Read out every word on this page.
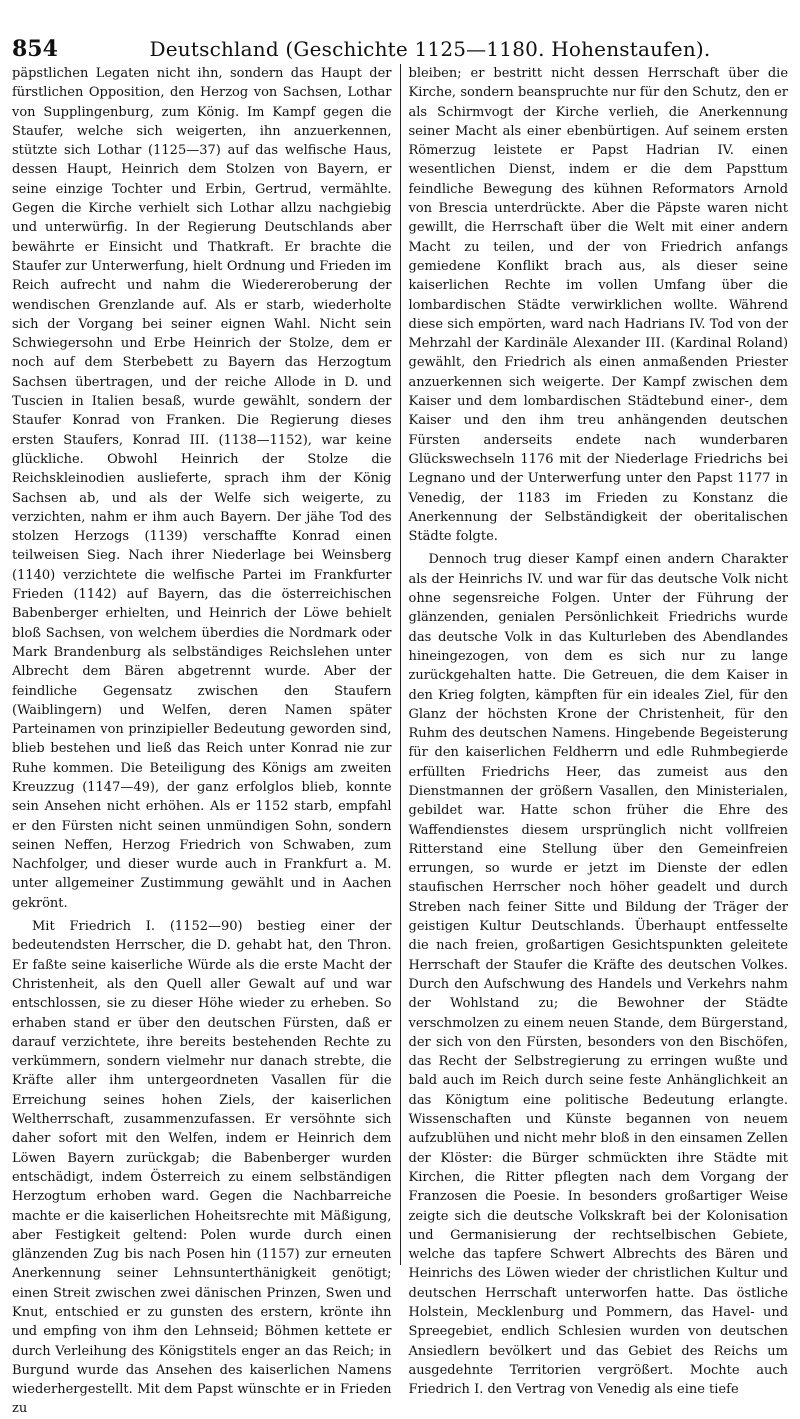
854	Deutschland (Geschichte 1125—1180. Hohenstaufen).

päpstlichen Legaten nicht ihn, sondern das Haupt der fürstlichen Opposition, den Herzog von Sachsen, Lothar von Supplingenburg, zum König. Im Kampf gegen die Staufer, welche sich weigerten, ihn anzuerkennen, stützte sich Lothar (1125—37) auf das welfische Haus, dessen Haupt, Heinrich dem Stolzen von Bayern, er seine einzige Tochter und Erbin, Gertrud, vermählte. Gegen die Kirche verhielt sich Lothar allzu nachgiebig und unterwürfig. In der Regierung Deutschlands aber bewährte er Einsicht und Thatkraft. Er brachte die Staufer zur Unterwerfung, hielt Ordnung und Frieden im Reich aufrecht und nahm die Wiedereroberung der wendischen Grenzlande auf. Als er starb, wiederholte sich der Vorgang bei seiner eignen Wahl. Nicht sein Schwiegersohn und Erbe Heinrich der Stolze, dem er noch auf dem Sterbebett zu Bayern das Herzogtum Sachsen übertragen, und der reiche Allode in D. und Tuscien in Italien besaß, wurde gewählt, sondern der Staufer Konrad von Franken. Die Regierung dieses ersten Staufers, Konrad III. (1138—1152), war keine glückliche. Obwohl Heinrich der Stolze die Reichskleinodien auslieferte, sprach ihm der König Sachsen ab, und als der Welfe sich weigerte, zu verzichten, nahm er ihm auch Bayern. Der jähe Tod des stolzen Herzogs (1139) verschaffte Konrad einen teilweisen Sieg. Nach ihrer Niederlage bei Weinsberg (1140) verzichtete die welfische Partei im Frankfurter Frieden (1142) auf Bayern, das die österreichischen Babenberger erhielten, und Heinrich der Löwe behielt bloß Sachsen, von welchem überdies die Nordmark oder Mark Brandenburg als selbständiges Reichslehen unter Albrecht dem Bären abgetrennt wurde. Aber der feindliche Gegensatz zwischen den Staufern (Waiblingern) und Welfen, deren Namen später Parteinamen von prinzipieller Bedeutung geworden sind, blieb bestehen und ließ das Reich unter Konrad nie zur Ruhe kommen. Die Beteiligung des Königs am zweiten Kreuzzug (1147—49), der ganz erfolglos blieb, konnte sein Ansehen nicht erhöhen. Als er 1152 starb, empfahl er den Fürsten nicht seinen unmündigen Sohn, sondern seinen Neffen, Herzog Friedrich von Schwaben, zum Nachfolger, und dieser wurde auch in Frankfurt a. M. unter allgemeiner Zustimmung gewählt und in Aachen gekrönt.

Mit Friedrich I. (1152—90) bestieg einer der bedeutendsten Herrscher, die D. gehabt hat, den Thron. Er faßte seine kaiserliche Würde als die erste Macht der Christenheit, als den Quell aller Gewalt auf und war entschlossen, sie zu dieser Höhe wieder zu erheben. So erhaben stand er über den deutschen Fürsten, daß er darauf verzichtete, ihre bereits bestehenden Rechte zu verkümmern, sondern vielmehr nur danach strebte, die Kräfte aller ihm untergeordneten Vasallen für die Erreichung seines hohen Ziels, der kaiserlichen Weltherrschaft, zusammenzufassen. Er versöhnte sich daher sofort mit den Welfen, indem er Heinrich dem Löwen Bayern zurückgab; die Babenberger wurden entschädigt, indem Österreich zu einem selbständigen Herzogtum erhoben ward. Gegen die Nachbarreiche machte er die kaiserlichen Hoheitsrechte mit Mäßigung, aber Festigkeit geltend: Polen wurde durch einen glänzenden Zug bis nach Posen hin (1157) zur erneuten Anerkennung seiner Lehnsunterthänigkeit genötigt; einen Streit zwischen zwei dänischen Prinzen, Swen und Knut, entschied er zu gunsten des erstern, krönte ihn und empfing von ihm den Lehnseid; Böhmen kettete er durch Verleihung des Königstitels enger an das Reich; in Burgund wurde das Ansehen des kaiserlichen Namens wiederhergestellt. Mit dem Papst wünschte er in Frieden zu

bleiben; er bestritt nicht dessen Herrschaft über die Kirche, sondern beanspruchte nur für den Schutz, den er als Schirmvogt der Kirche verlieh, die Anerkennung seiner Macht als einer ebenbürtigen. Auf seinem ersten Römerzug leistete er Papst Hadrian IV. einen wesentlichen Dienst, indem er die dem Papsttum feindliche Bewegung des kühnen Reformators Arnold von Brescia unterdrückte. Aber die Päpste waren nicht gewillt, die Herrschaft über die Welt mit einer andern Macht zu teilen, und der von Friedrich anfangs gemiedene Konflikt brach aus, als dieser seine kaiserlichen Rechte im vollen Umfang über die lombardischen Städte verwirklichen wollte. Während diese sich empörten, ward nach Hadrians IV. Tod von der Mehrzahl der Kardinäle Alexander III. (Kardinal Roland) gewählt, den Friedrich als einen anmaßenden Priester anzuerkennen sich weigerte. Der Kampf zwischen dem Kaiser und dem lombardischen Städtebund einer-, dem Kaiser und den ihm treu anhängenden deutschen Fürsten anderseits endete nach wunderbaren Glückswechseln 1176 mit der Niederlage Friedrichs bei Legnano und der Unterwerfung unter den Papst 1177 in Venedig, der 1183 im Frieden zu Konstanz die Anerkennung der Selbständigkeit der oberitalischen Städte folgte.

Dennoch trug dieser Kampf einen andern Charakter als der Heinrichs IV. und war für das deutsche Volk nicht ohne segensreiche Folgen. Unter der Führung der glänzenden, genialen Persönlichkeit Friedrichs wurde das deutsche Volk in das Kulturleben des Abendlandes hineingezogen, von dem es sich nur zu lange zurückgehalten hatte. Die Getreuen, die dem Kaiser in den Krieg folgten, kämpften für ein ideales Ziel, für den Glanz der höchsten Krone der Christenheit, für den Ruhm des deutschen Namens. Hingebende Begeisterung für den kaiserlichen Feldherrn und edle Ruhmbegierde erfüllten Friedrichs Heer, das zumeist aus den Dienstmannen der größern Vasallen, den Ministerialen, gebildet war. Hatte schon früher die Ehre des Waffendienstes diesem ursprünglich nicht vollfreien Ritterstand eine Stellung über den Gemeinfreien errungen, so wurde er jetzt im Dienste der edlen staufischen Herrscher noch höher geadelt und durch Streben nach feiner Sitte und Bildung der Träger der geistigen Kultur Deutschlands. Überhaupt entfesselte die nach freien, großartigen Gesichtspunkten geleitete Herrschaft der Staufer die Kräfte des deutschen Volkes. Durch den Aufschwung des Handels und Verkehrs nahm der Wohlstand zu; die Bewohner der Städte verschmolzen zu einem neuen Stande, dem Bürgerstand, der sich von den Fürsten, besonders von den Bischöfen, das Recht der Selbstregierung zu erringen wußte und bald auch im Reich durch seine feste Anhänglichkeit an das Königtum eine politische Bedeutung erlangte. Wissenschaften und Künste begannen von neuem aufzublühen und nicht mehr bloß in den einsamen Zellen der Klöster: die Bürger schmückten ihre Städte mit Kirchen, die Ritter pflegten nach dem Vorgang der Franzosen die Poesie. In besonders großartiger Weise zeigte sich die deutsche Volkskraft bei der Kolonisation und Germanisierung der rechtselbischen Gebiete, welche das tapfere Schwert Albrechts des Bären und Heinrichs des Löwen wieder der christlichen Kultur und deutschen Herrschaft unterworfen hatte. Das östliche Holstein, Mecklenburg und Pommern, das Havel- und Spreegebiet, endlich Schlesien wurden von deutschen Ansiedlern bevölkert und das Gebiet des Reichs um ausgedehnte Territorien vergrößert. Mochte auch Friedrich I. den Vertrag von Venedig als eine tiefe
